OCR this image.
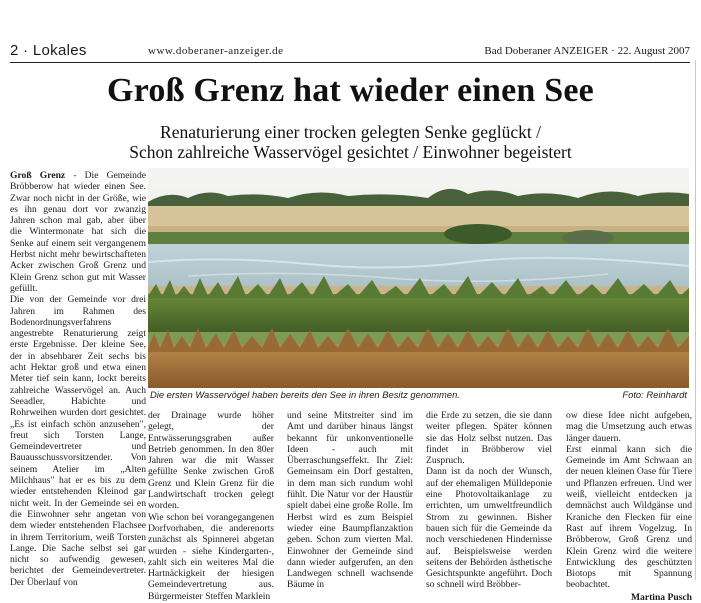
2 · Lokales	www.doberaner-anzeiger.de	Bad Doberaner ANZEIGER · 22. August 2007
Groß Grenz hat wieder einen See
Renaturierung einer trocken gelegten Senke geglückt /
Schon zahlreiche Wasservögel gesichtet / Einwohner begeistert

Groß Grenz - Die Gemeinde Bröbberow hat wieder einen See. Zwar noch nicht in der Größe, wie es ihn genau dort vor zwanzig Jahren schon mal gab, aber über die Wintermonate hat sich die Senke auf einem seit vergangenem Herbst nicht mehr bewirtschafteten Acker zwischen Groß Grenz und Klein Grenz schon gut mit Wasser gefüllt.

Die von der Gemeinde vor drei Jahren im Rahmen des Bodenordnungsverfahrens angestrebte Renaturierung zeigt erste Ergebnisse. Der kleine See, der in absehbarer Zeit sechs bis acht Hektar groß und etwa einen Meter tief sein kann, lockt bereits zahlreiche Wasservögel an. Auch Seeadler, Habichte und Rohrweihen wurden dort gesichtet. „Es ist einfach schön anzusehen", freut sich Torsten Lange, Gemeindevertreter und Bauausschussvorsitzender. Von seinem Atelier im „Alten Milchhaus" hat er es bis zu dem wieder entstehenden Kleinod gar nicht weit. In der Gemeinde sei en die Einwohner sehr angetan von dem wieder entstehenden Flachsee in ihrem Territorium, weiß Torsten Lange. Die Sache selbst sei gar nicht so aufwendig gewesen, berichtet der Gemeindevertreter. Der Überlauf von

Die ersten Wasservögel haben bereits den See in ihren Besitz genommen.	Foto: Reinhardt

der Drainage wurde höher gelegt, der Entwässerungsgraben außer Betrieb genommen. In den 80er Jahren war die mit Wasser gefüllte Senke zwischen Groß Grenz und Klein Grenz für die Landwirtschaft trocken gelegt worden.

Wie schon bei vorangegangenen Dorfvorhaben, die anderenorts zunächst als Spinnerei abgetan wurden - siehe Kindergarten-, zahlt sich ein weiteres Mal die Hartnäckigkeit der hiesigen Gemeindevertretung aus. Bürgermeister Steffen Marklein

und seine Mitstreiter sind im Amt und darüber hinaus längst bekannt für unkonventionelle Ideen - auch mit Überraschungseffekt. Ihr Ziel: Gemeinsam ein Dorf gestalten, in dem man sich rundum wohl fühlt. Die Natur vor der Haustür spielt dabei eine große Rolle. Im Herbst wird es zum Beispiel wieder eine Baumpflanzaktion geben. Schon zum vierten Mal. Einwohner der Gemeinde sind dann wieder aufgerufen, an den Landwegen schnell wachsende Bäume in

die Erde zu setzen, die sie dann weiter pflegen. Später können sie das Holz selbst nutzen. Das findet in Bröbberow viel Zuspruch.

Dann ist da noch der Wunsch, auf der ehemaligen Mülldeponie eine Photovoltaikanlage zu errichten, um umweltfreundlich Strom zu gewinnen. Bisher bauen sich für die Gemeinde da noch verschiedenen Hindernisse auf. Beispielsweise werden seitens der Behörden ästhetische Gesichtspunkte angeführt. Doch so schnell wird Bröbber-

ow diese Idee nicht aufgeben, mag die Umsetzung auch etwas länger dauern.

Erst einmal kann sich die Gemeinde im Amt Schwaan an der neuen kleinen Oase für Tiere und Pflanzen erfreuen. Und wer weiß, vielleicht entdecken ja demnächst auch Wildgänse und Kraniche den Flecken für eine Rast auf ihrem Vogelzug. In Bröbberow, Groß Grenz und Klein Grenz wird die weitere Entwicklung des geschützten Biotops mit Spannung beobachtet.

Martina Pusch
